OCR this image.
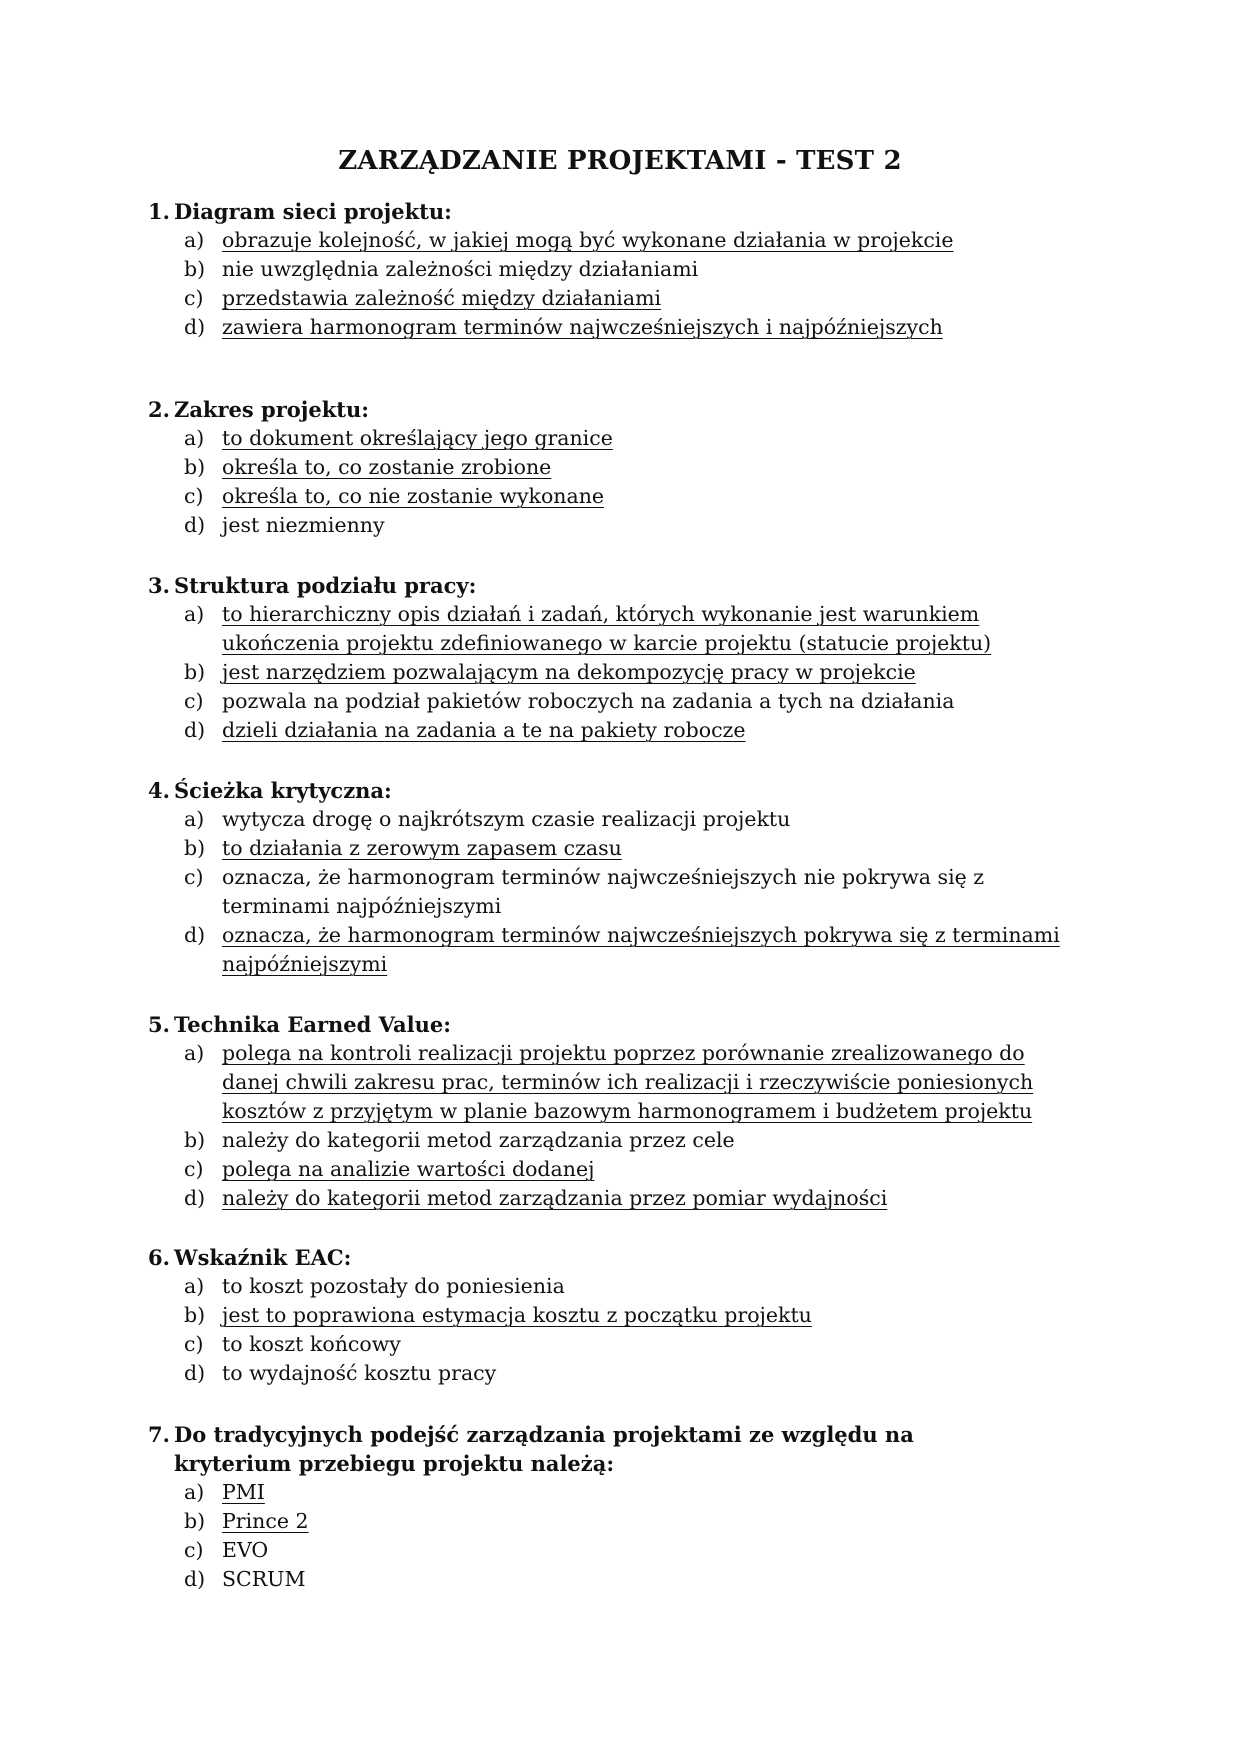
ZARZĄDZANIE PROJEKTAMI - TEST 2
1. Diagram sieci projektu:
a) obrazuje kolejność, w jakiej mogą być wykonane działania w projekcie
b) nie uwzględnia zależności między działaniami
c) przedstawia zależność między działaniami
d) zawiera harmonogram terminów najwcześniejszych i najpóźniejszych
2. Zakres projektu:
a) to dokument określający jego granice
b) określa to, co zostanie zrobione
c) określa to, co nie zostanie wykonane
d) jest niezmienny
3. Struktura podziału pracy:
a) to hierarchiczny opis działań i zadań, których wykonanie jest warunkiem ukończenia projektu zdefiniowanego w karcie projektu (statucie projektu)
b) jest narzędziem pozwalającym na dekompozycję pracy w projekcie
c) pozwala na podział pakietów roboczych na zadania a tych na działania
d) dzieli działania na zadania a te na pakiety robocze
4. Ścieżka krytyczna:
a) wytycza drogę o najkrótszym czasie realizacji projektu
b) to działania z zerowym zapasem czasu
c) oznacza, że harmonogram terminów najwcześniejszych nie pokrywa się z terminami najpóźniejszymi
d) oznacza, że harmonogram terminów najwcześniejszych pokrywa się z terminami najpóźniejszymi
5. Technika Earned Value:
a) polega na kontroli realizacji projektu poprzez porównanie zrealizowanego do danej chwili zakresu prac, terminów ich realizacji i rzeczywiście poniesionych kosztów z przyjętym w planie bazowym harmonogramem i budżetem projektu
b) należy do kategorii metod zarządzania przez cele
c) polega na analizie wartości dodanej
d) należy do kategorii metod zarządzania przez pomiar wydajności
6. Wskaźnik EAC:
a) to koszt pozostały do poniesienia
b) jest to poprawiona estymacja kosztu z początku projektu
c) to koszt końcowy
d) to wydajność kosztu pracy
7. Do tradycyjnych podejść zarządzania projektami ze względu na kryterium przebiegu projektu należą:
a) PMI
b) Prince 2
c) EVO
d) SCRUM
